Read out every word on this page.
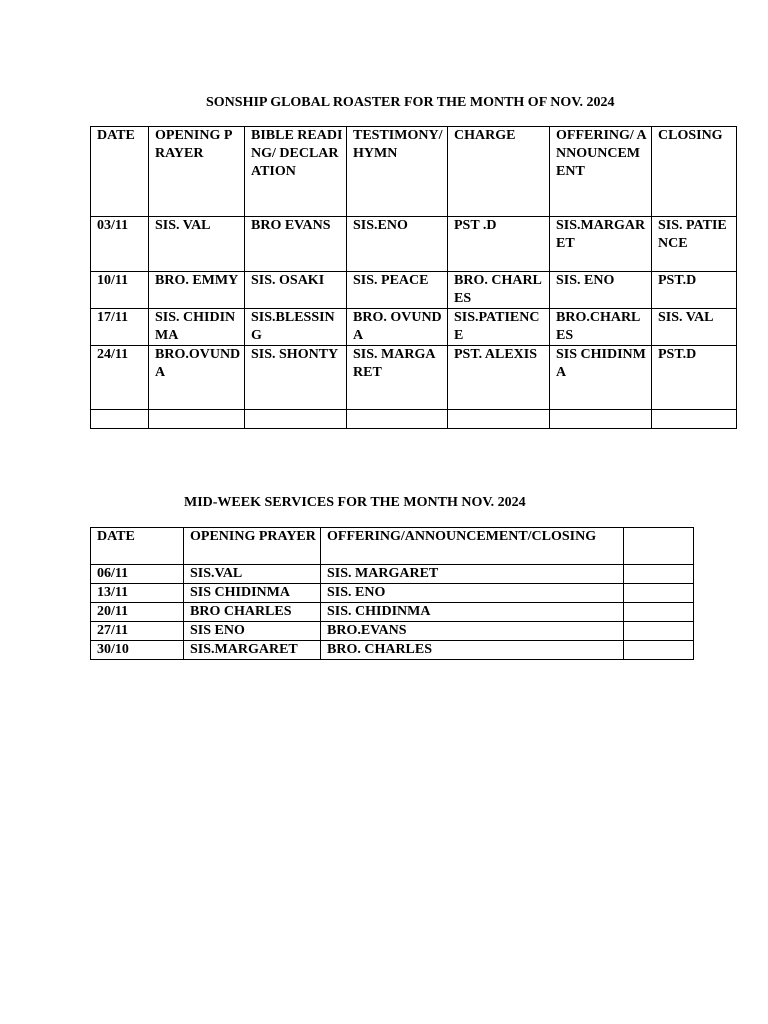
SONSHIP GLOBAL ROASTER FOR THE MONTH OF NOV. 2024
DATE	OPENING PRAYER	BIBLE READING/ DECLARATION	TESTIMONY/HYMN	CHARGE	OFFERING/ ANNOUNCEMENT	CLOSING
03/11	SIS. VAL	BRO EVANS	SIS.ENO	PST .D	SIS.MARGARET	SIS. PATIENCE
10/11	BRO. EMMY	SIS. OSAKI	SIS. PEACE	BRO. CHARLES	SIS. ENO	PST.D
17/11	SIS. CHIDINMA	SIS.BLESSING	BRO. OVUNDA	SIS.PATIENCE	BRO.CHARLES	SIS. VAL
24/11	BRO.OVUNDA	SIS. SHONTY	SIS. MARGARET	PST. ALEXIS	SIS CHIDINMA	PST.D

MID-WEEK SERVICES FOR THE MONTH NOV. 2024
DATE	OPENING PRAYER	OFFERING/ANNOUNCEMENT/CLOSING	
06/11	SIS.VAL	SIS. MARGARET	
13/11	SIS CHIDINMA	SIS. ENO	
20/11	BRO CHARLES	SIS. CHIDINMA	
27/11	SIS ENO	BRO.EVANS	
30/10	SIS.MARGARET	BRO. CHARLES	
